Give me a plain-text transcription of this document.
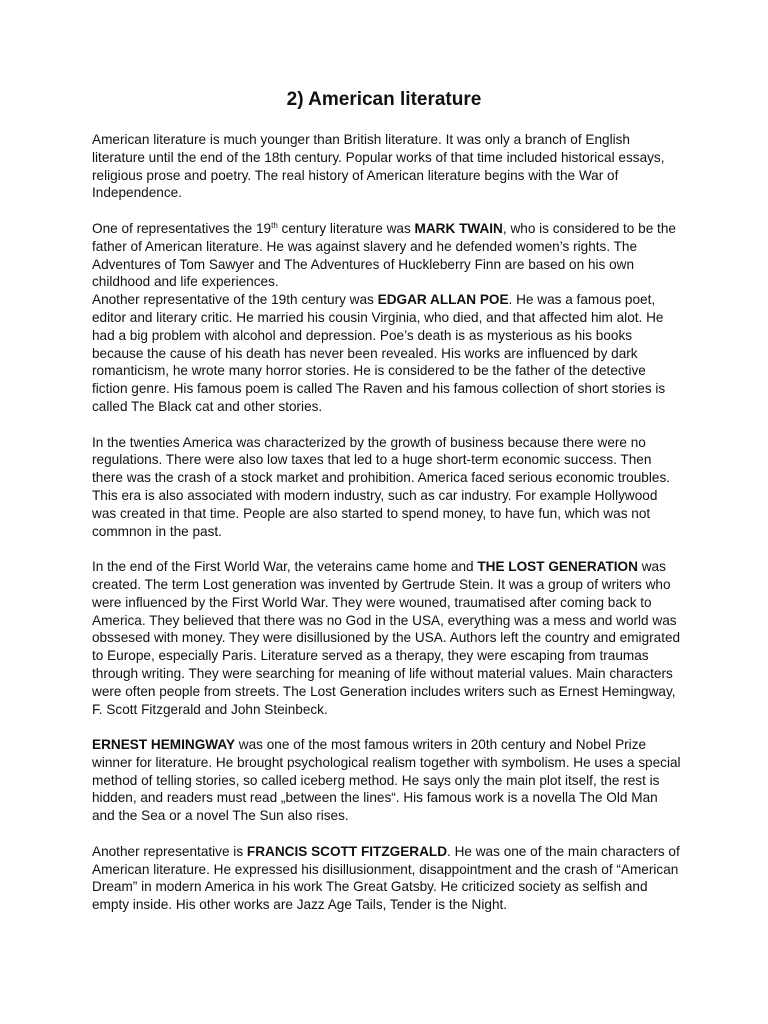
2) American literature

American literature is much younger than British literature. It was only a branch of English literature until the end of the 18th century. Popular works of that time included historical essays, religious prose and poetry. The real history of American literature begins with the War of Independence.

One of representatives the 19th century literature was MARK TWAIN, who is considered to be the father of American literature. He was against slavery and he defended women’s rights. The Adventures of Tom Sawyer and The Adventures of Huckleberry Finn are based on his own childhood and life experiences.

Another representative of the 19th century was EDGAR ALLAN POE. He was a famous poet, editor and literary critic. He married his cousin Virginia, who died, and that affected him alot. He had a big problem with alcohol and depression. Poe’s death is as mysterious as his books because the cause of his death has never been revealed. His works are influenced by dark romanticism, he wrote many horror stories. He is considered to be the father of the detective fiction genre. His famous poem is called The Raven and his famous collection of short stories is called The Black cat and other stories.

In the twenties America was characterized by the growth of business because there were no regulations. There were also low taxes that led to a huge short-term economic success. Then there was the crash of a stock market and prohibition. America faced serious economic troubles.

This era is also associated with modern industry, such as car industry. For example Hollywood was created in that time. People are also started to spend money, to have fun, which was not commnon in the past.

In the end of the First World War, the veterains came home and THE LOST GENERATION was created. The term Lost generation was invented by Gertrude Stein. It was a group of writers who were influenced by the First World War. They were wouned, traumatised after coming back to America. They believed that there was no God in the USA, everything was a mess and world was obssesed with money. They were disillusioned by the USA. Authors left the country and emigrated to Europe, especially Paris. Literature served as a therapy, they were escaping from traumas through writing. They were searching for meaning of life without material values. Main characters were often people from streets. The Lost Generation includes writers such as Ernest Hemingway, F. Scott Fitzgerald and John Steinbeck.

ERNEST HEMINGWAY was one of the most famous writers in 20th century and Nobel Prize winner for literature. He brought psychological realism together with symbolism. He uses a special method of telling stories, so called iceberg method. He says only the main plot itself, the rest is hidden, and readers must read „between the lines“. His famous work is a novella The Old Man and the Sea or a novel The Sun also rises.

Another representative is FRANCIS SCOTT FITZGERALD. He was one of the main characters of American literature. He expressed his disillusionment, disappointment and the crash of “American Dream” in modern America in his work The Great Gatsby. He criticized society as selfish and empty inside. His other works are Jazz Age Tails, Tender is the Night.
